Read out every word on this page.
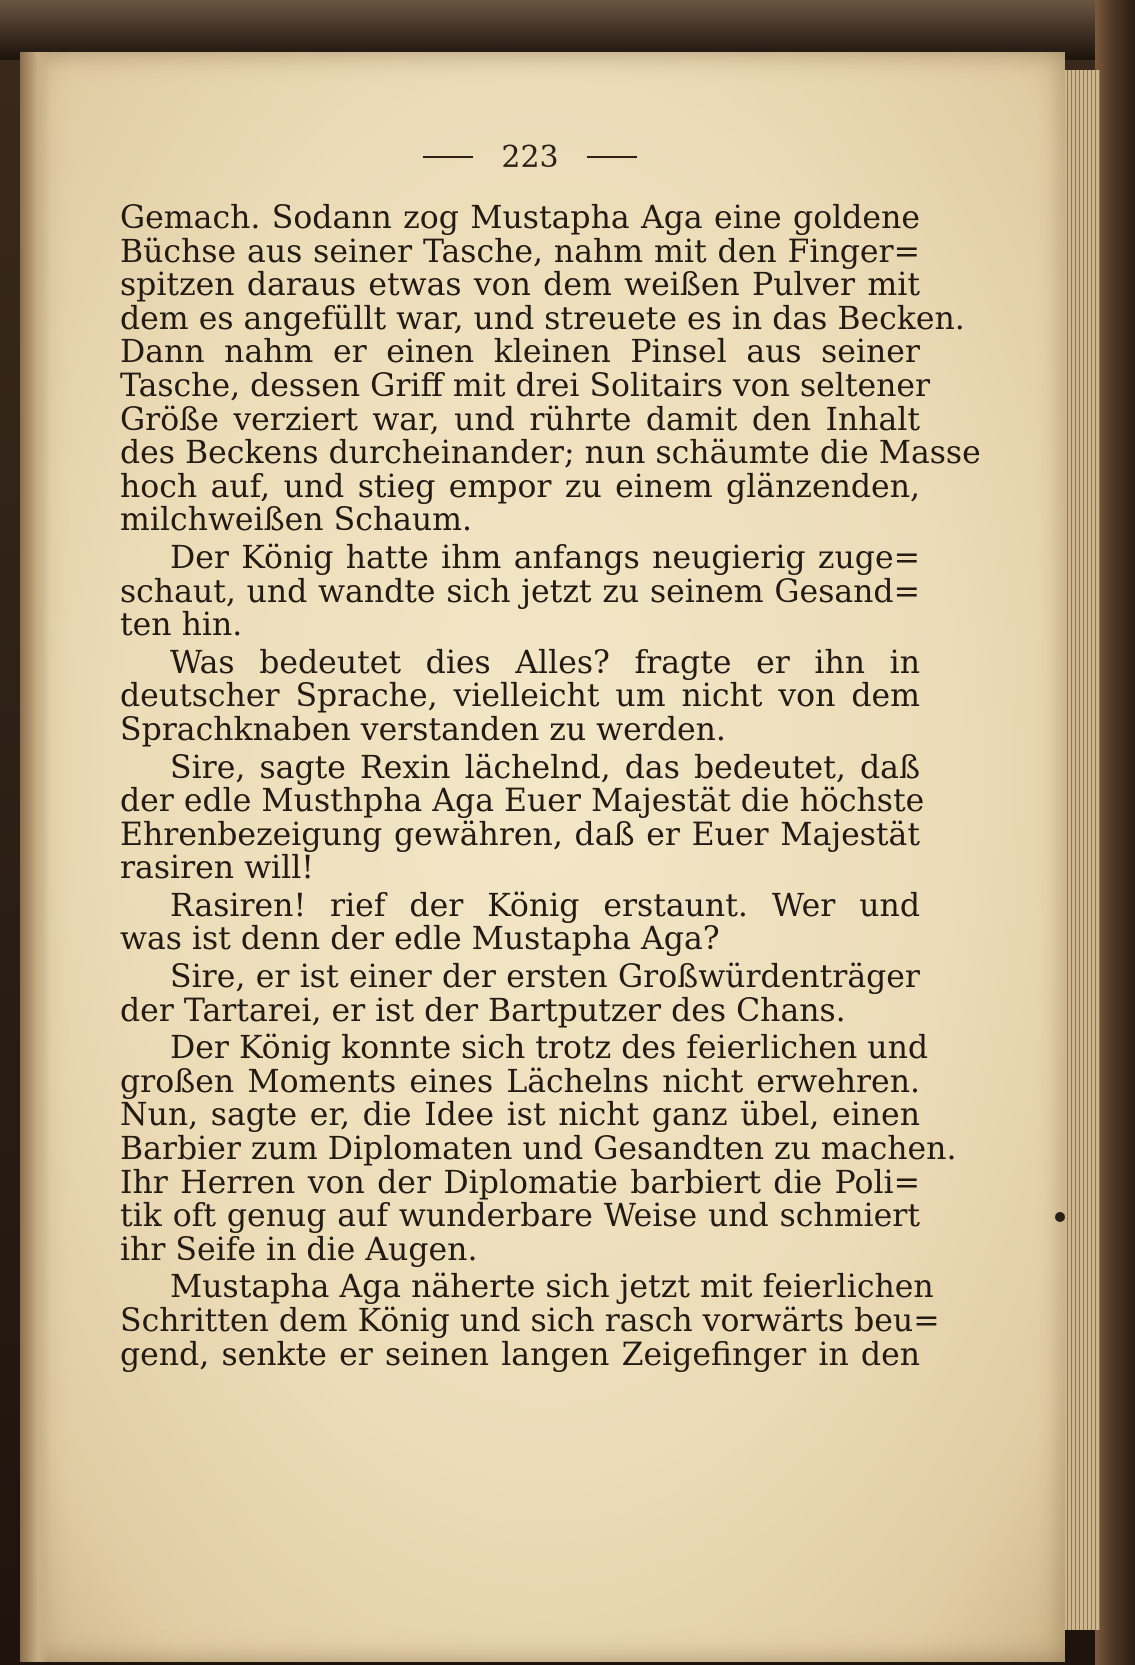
223
Gemach. Sodann zog Mustapha Aga eine goldene
Büchse aus seiner Tasche, nahm mit den Finger=
spitzen daraus etwas von dem weißen Pulver mit
dem es angefüllt war, und streuete es in das Becken.
Dann nahm er einen kleinen Pinsel aus seiner
Tasche, dessen Griff mit drei Solitairs von seltener
Größe verziert war, und rührte damit den Inhalt
des Beckens durcheinander; nun schäumte die Masse
hoch auf, und stieg empor zu einem glänzenden,
milchweißen Schaum.
Der König hatte ihm anfangs neugierig zuge=
schaut, und wandte sich jetzt zu seinem Gesand=
ten hin.
Was bedeutet dies Alles? fragte er ihn in
deutscher Sprache, vielleicht um nicht von dem
Sprachknaben verstanden zu werden.
Sire, sagte Rexin lächelnd, das bedeutet, daß
der edle Musthpha Aga Euer Majestät die höchste
Ehrenbezeigung gewähren, daß er Euer Majestät
rasiren will!
Rasiren! rief der König erstaunt. Wer und
was ist denn der edle Mustapha Aga?
Sire, er ist einer der ersten Großwürdenträger
der Tartarei, er ist der Bartputzer des Chans.
Der König konnte sich trotz des feierlichen und
großen Moments eines Lächelns nicht erwehren.
Nun, sagte er, die Idee ist nicht ganz übel, einen
Barbier zum Diplomaten und Gesandten zu machen.
Ihr Herren von der Diplomatie barbiert die Poli=
tik oft genug auf wunderbare Weise und schmiert
ihr Seife in die Augen.
Mustapha Aga näherte sich jetzt mit feierlichen
Schritten dem König und sich rasch vorwärts beu=
gend, senkte er seinen langen Zeigefinger in den
